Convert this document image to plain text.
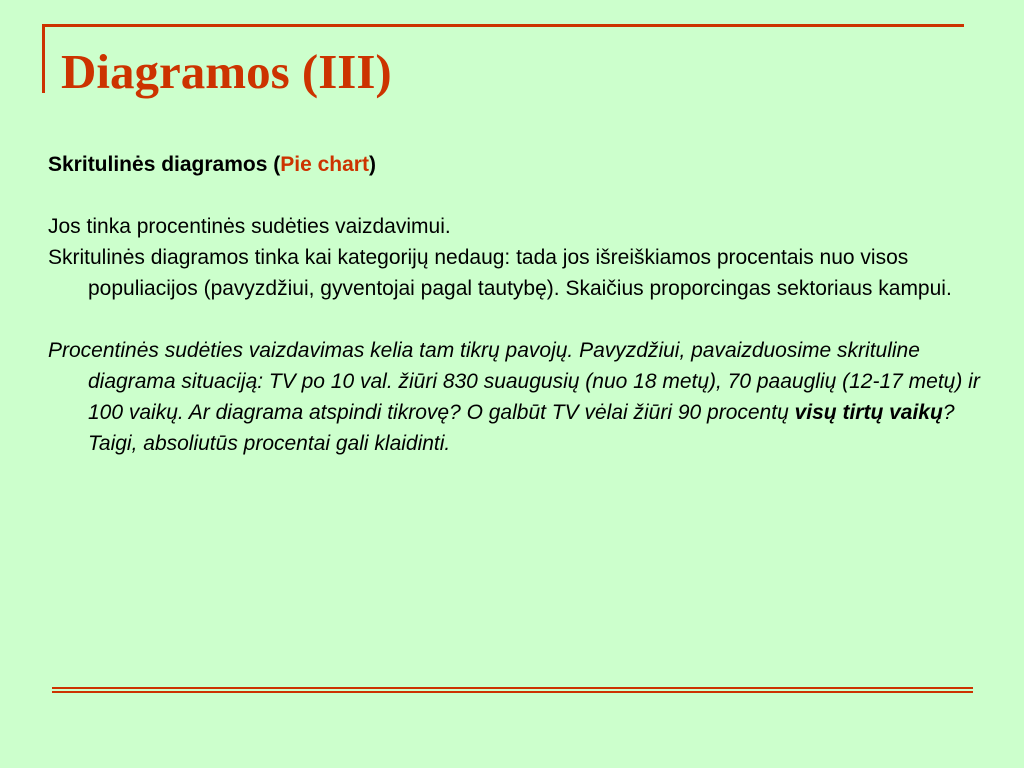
Diagramos (III)

Skritulinės diagramos (Pie chart)

Jos tinka procentinės sudėties vaizdavimui.

Skritulinės diagramos tinka kai kategorijų nedaug: tada jos išreiškiamos procentais nuo visos populiacijos (pavyzdžiui, gyventojai pagal tautybę). Skaičius proporcingas sektoriaus kampui.

Procentinės sudėties vaizdavimas kelia tam tikrų pavojų. Pavyzdžiui, pavaizduosime skrituline diagrama situaciją: TV po 10 val. žiūri 830 suaugusių (nuo 18 metų), 70 paauglių (12-17 metų) ir 100 vaikų. Ar diagrama atspindi tikrovę? O galbūt TV vėlai žiūri 90 procentų visų tirtų vaikų? Taigi, absoliutūs procentai gali klaidinti.
